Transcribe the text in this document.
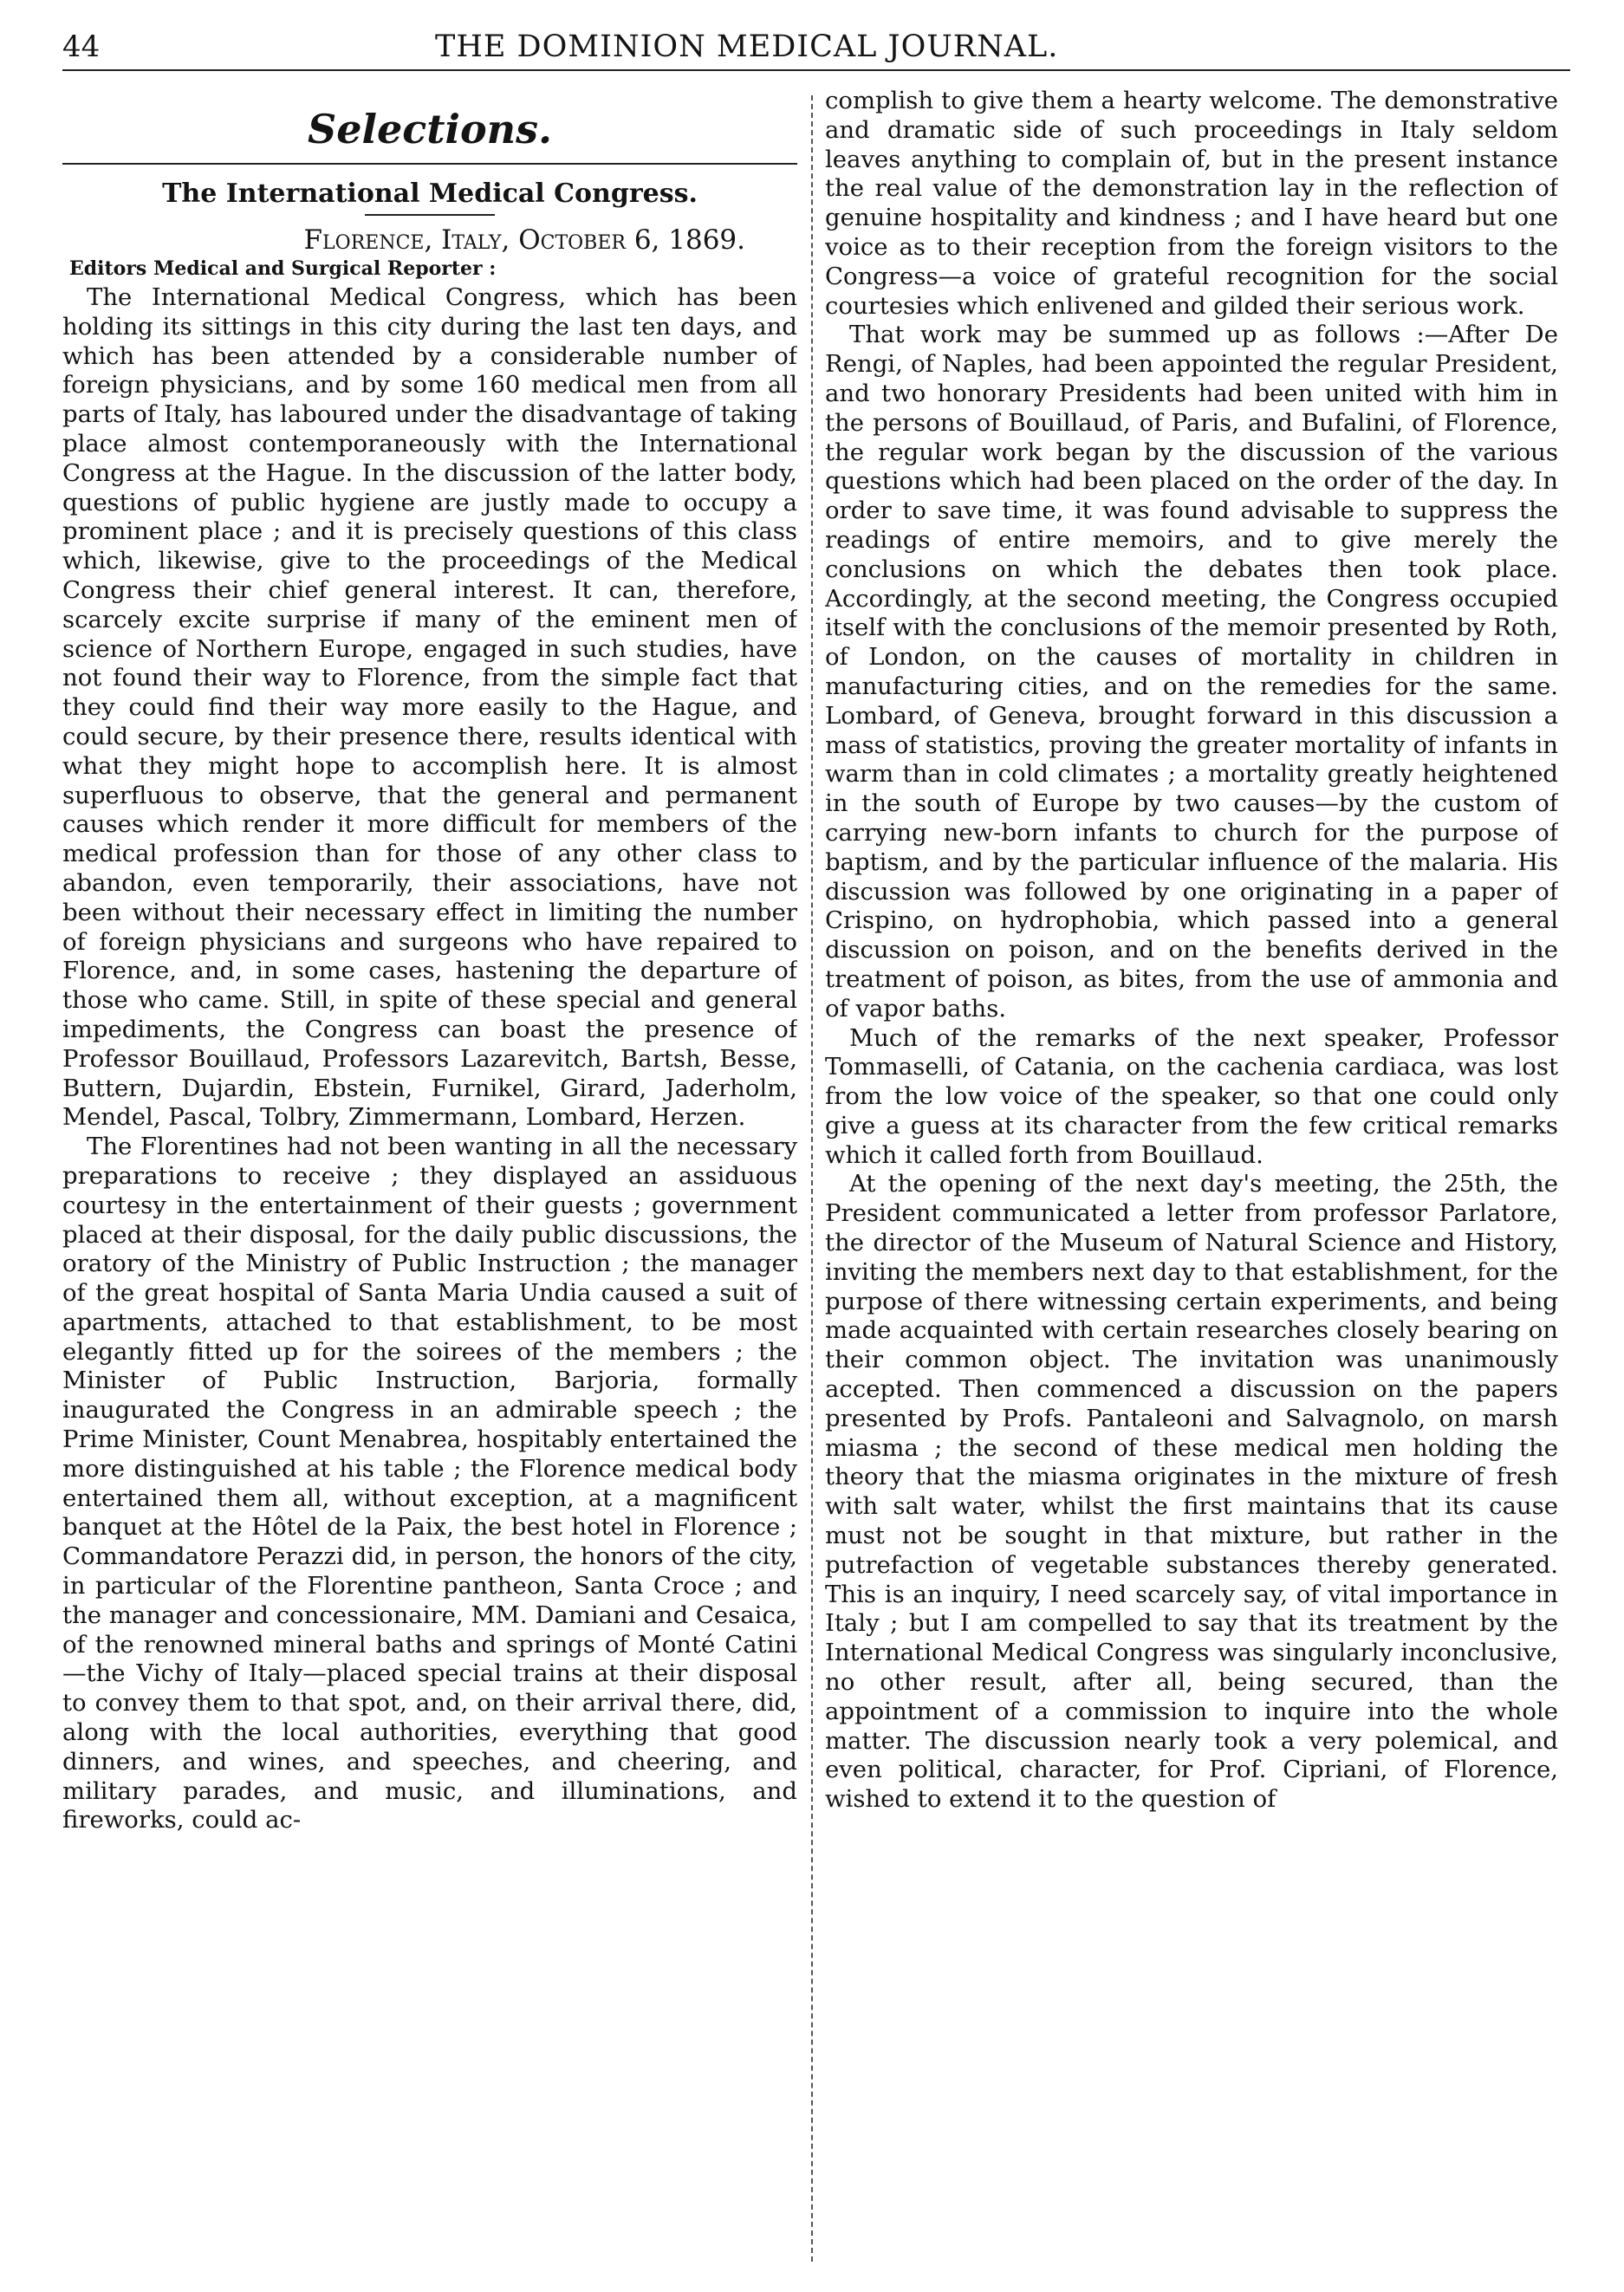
44	THE DOMINION MEDICAL JOURNAL.
Selections.
The International Medical Congress.
Florence, Italy, October 6, 1869.
Editors Medical and Surgical Reporter :

The International Medical Congress, which has been holding its sittings in this city during the last ten days, and which has been attended by a considerable number of foreign physicians, and by some 160 medical men from all parts of Italy, has laboured under the disadvantage of taking place almost contemporaneously with the International Congress at the Hague. In the discussion of the latter body, questions of public hygiene are justly made to occupy a prominent place ; and it is precisely questions of this class which, likewise, give to the proceedings of the Medical Congress their chief general interest. It can, therefore, scarcely excite surprise if many of the eminent men of science of Northern Europe, engaged in such studies, have not found their way to Florence, from the simple fact that they could find their way more easily to the Hague, and could secure, by their presence there, results identical with what they might hope to accomplish here. It is almost superfluous to observe, that the general and permanent causes which render it more difficult for members of the medical profession than for those of any other class to abandon, even temporarily, their associations, have not been without their necessary effect in limiting the number of foreign physicians and surgeons who have repaired to Florence, and, in some cases, hastening the departure of those who came. Still, in spite of these special and general impediments, the Congress can boast the presence of Professor Bouillaud, Professors Lazarevitch, Bartsh, Besse, Buttern, Dujardin, Ebstein, Furnikel, Girard, Jaderholm, Mendel, Pascal, Tolbry, Zimmermann, Lombard, Herzen.

The Florentines had not been wanting in all the necessary preparations to receive ; they displayed an assiduous courtesy in the entertainment of their guests ; government placed at their disposal, for the daily public discussions, the oratory of the Ministry of Public Instruction ; the manager of the great hospital of Santa Maria Undia caused a suit of apartments, attached to that establishment, to be most elegantly fitted up for the soirees of the members ; the Minister of Public Instruction, Barjoria, formally inaugurated the Congress in an admirable speech ; the Prime Minister, Count Menabrea, hospitably entertained the more distinguished at his table ; the Florence medical body entertained them all, without exception, at a magnificent banquet at the Hôtel de la Paix, the best hotel in Florence ; Commandatore Perazzi did, in person, the honors of the city, in particular of the Florentine pantheon, Santa Croce ; and the manager and concessionaire, MM. Damiani and Cesaica, of the renowned mineral baths and springs of Monté Catini —the Vichy of Italy—placed special trains at their disposal to convey them to that spot, and, on their arrival there, did, along with the local authorities, everything that good dinners, and wines, and speeches, and cheering, and military parades, and music, and illuminations, and fireworks, could ac-

complish to give them a hearty welcome. The demonstrative and dramatic side of such proceedings in Italy seldom leaves anything to complain of, but in the present instance the real value of the demonstration lay in the reflection of genuine hospitality and kindness ; and I have heard but one voice as to their reception from the foreign visitors to the Congress—a voice of grateful recognition for the social courtesies which enlivened and gilded their serious work.

That work may be summed up as follows :—After De Rengi, of Naples, had been appointed the regular President, and two honorary Presidents had been united with him in the persons of Bouillaud, of Paris, and Bufalini, of Florence, the regular work began by the discussion of the various questions which had been placed on the order of the day. In order to save time, it was found advisable to suppress the readings of entire memoirs, and to give merely the conclusions on which the debates then took place. Accordingly, at the second meeting, the Congress occupied itself with the conclusions of the memoir presented by Roth, of London, on the causes of mortality in children in manufacturing cities, and on the remedies for the same. Lombard, of Geneva, brought forward in this discussion a mass of statistics, proving the greater mortality of infants in warm than in cold climates ; a mortality greatly heightened in the south of Europe by two causes—by the custom of carrying new-born infants to church for the purpose of baptism, and by the particular influence of the malaria. His discussion was followed by one originating in a paper of Crispino, on hydrophobia, which passed into a general discussion on poison, and on the benefits derived in the treatment of poison, as bites, from the use of ammonia and of vapor baths.

Much of the remarks of the next speaker, Professor Tommaselli, of Catania, on the cachenia cardiaca, was lost from the low voice of the speaker, so that one could only give a guess at its character from the few critical remarks which it called forth from Bouillaud.

At the opening of the next day's meeting, the 25th, the President communicated a letter from professor Parlatore, the director of the Museum of Natural Science and History, inviting the members next day to that establishment, for the purpose of there witnessing certain experiments, and being made acquainted with certain researches closely bearing on their common object. The invitation was unanimously accepted. Then commenced a discussion on the papers presented by Profs. Pantaleoni and Salvagnolo, on marsh miasma ; the second of these medical men holding the theory that the miasma originates in the mixture of fresh with salt water, whilst the first maintains that its cause must not be sought in that mixture, but rather in the putrefaction of vegetable substances thereby generated. This is an inquiry, I need scarcely say, of vital importance in Italy ; but I am compelled to say that its treatment by the International Medical Congress was singularly inconclusive, no other result, after all, being secured, than the appointment of a commission to inquire into the whole matter. The discussion nearly took a very polemical, and even political, character, for Prof. Cipriani, of Florence, wished to extend it to the question of
